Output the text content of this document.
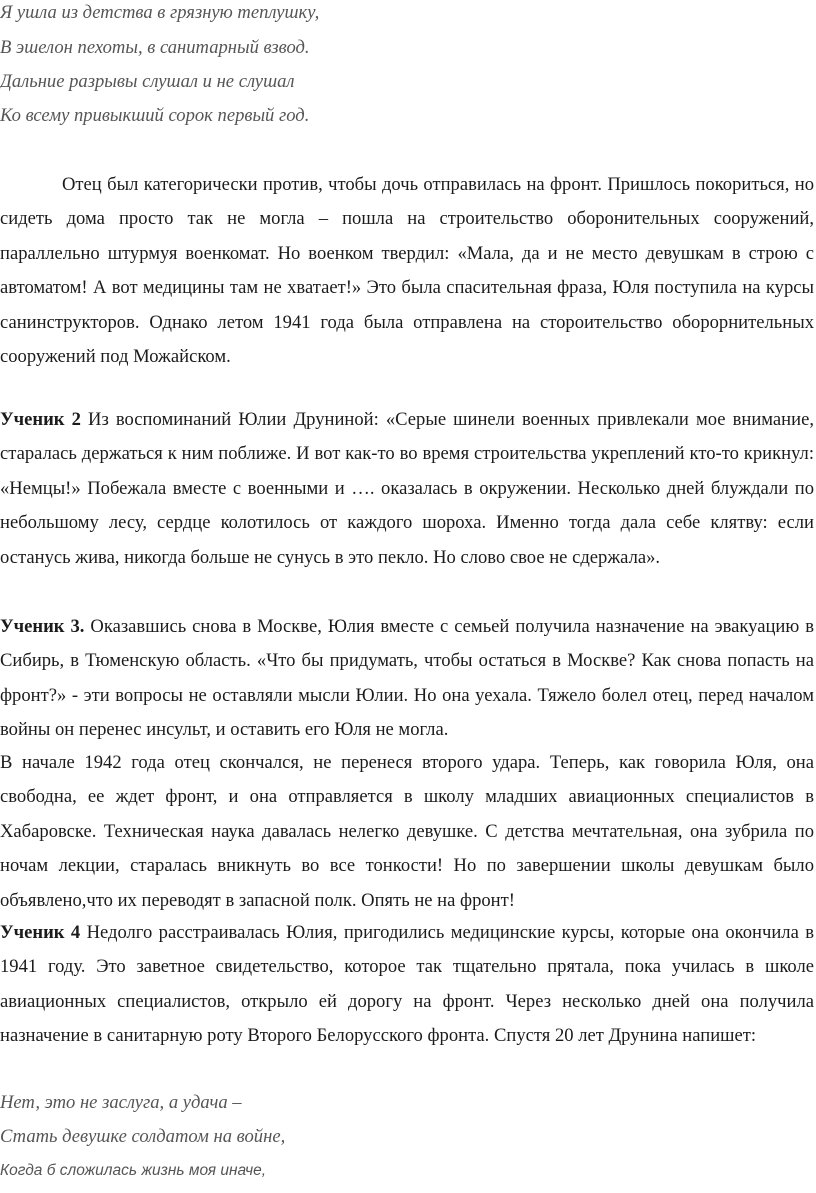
Я ушла из детства в грязную теплушку,
В эшелон пехоты, в санитарный взвод.
Дальние разрывы слушал и не слушал
Ко всему привыкший сорок первый год.

Отец был категорически против, чтобы дочь отправилась на фронт. Пришлось покориться, но сидеть дома просто так не могла – пошла на строительство оборонительных сооружений, параллельно штурмуя военкомат. Но военком твердил: «Мала, да и не место девушкам в строю с автоматом! А вот медицины там не хватает!» Это была спасительная фраза, Юля поступила на курсы санинструкторов. Однако летом 1941 года была отправлена на стороительство оборорнительных сооружений под Можайском.

Ученик 2 Из воспоминаний Юлии Друниной: «Серые шинели военных привлекали мое внимание, старалась держаться к ним поближе. И вот как-то во время строительства укреплений кто-то крикнул: «Немцы!» Побежала вместе с военными и …. оказалась в окружении. Несколько дней блуждали по небольшому лесу, сердце колотилось от каждого шороха. Именно тогда дала себе клятву: если останусь жива, никогда больше не сунусь в это пекло. Но слово свое не сдержала».

Ученик 3. Оказавшись снова в Москве, Юлия вместе с семьей получила назначение на эвакуацию в Сибирь, в Тюменскую область. «Что бы придумать, чтобы остаться в Москве? Как снова попасть на фронт?» - эти вопросы не оставляли мысли Юлии. Но она уехала. Тяжело болел отец, перед началом войны он перенес инсульт, и оставить его Юля не могла.

В начале 1942 года отец скончался, не перенеся второго удара. Теперь, как говорила Юля, она свободна, ее ждет фронт, и она отправляется в школу младших авиационных специалистов в Хабаровске. Техническая наука давалась нелегко девушке. С детства мечтательная, она зубрила по ночам лекции, старалась вникнуть во все тонкости! Но по завершении школы девушкам было объявлено,что их переводят в запасной полк. Опять не на фронт!

Ученик 4 Недолго расстраивалась Юлия, пригодились медицинские курсы, которые она окончила в 1941 году. Это заветное свидетельство, которое так тщательно прятала, пока училась в школе авиационных специалистов, открыло ей дорогу на фронт. Через несколько дней она получила назначение в санитарную роту Второго Белорусского фронта. Спустя 20 лет Друнина напишет:

Нет, это не заслуга, а удача –
Стать девушке солдатом на войне,
Когда б сложилась жизнь моя иначе,
